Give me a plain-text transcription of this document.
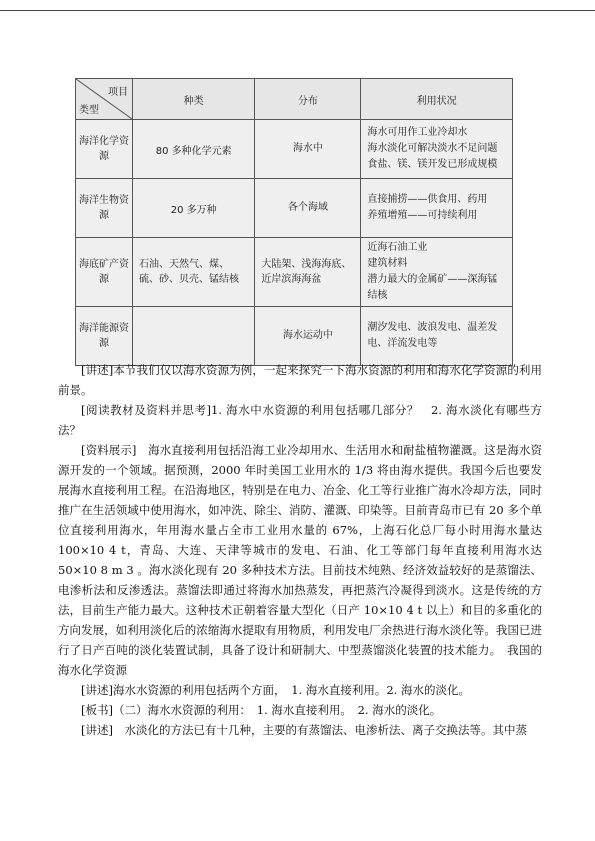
项目
类型	种类	分布	利用状况
海洋化学资源	80 多种化学元素	海水中	海水可用作工业冷却水
海水淡化可解决淡水不足问题
食盐、镁、镁开发已形成规模

海洋生物资源	20 多万种	各个海域	直接捕捞——供食用、药用
养殖增殖——可持续利用

海底矿产资源	石油、天然气、煤、硫、砂、贝壳、锰结核	大陆架、浅海海底、近岸滨海海盆	近海石油工业
建筑材料
潜力最大的金属矿——深海锰结核

海洋能源资源		海水运动中	潮汐发电、波浪发电、温差发电、洋流发电等

[讲述]本节我们仅以海水资源为例，一起来探究一下海水资源的利用和海水化学资源的利用前景。

[阅读教材及资料并思考]1. 海水中水资源的利用包括哪几部分？　2. 海水淡化有哪些方法？

[资料展示]　海水直接利用包括沿海工业冷却用水、生活用水和耐盐植物灌溉。这是海水资源开发的一个领域。据预测，2000 年时美国工业用水的 1/3 将由海水提供。我国今后也要发展海水直接利用工程。在沿海地区，特别是在电力、冶金、化工等行业推广海水冷却方法，同时推广在生活领域中使用海水，如冲洗、除尘、消防、灌溉、印染等。目前青岛市已有 20 多个单位直接利用海水，年用海水量占全市工业用水量的 67%，上海石化总厂每小时用海水量达 100×10 4 t，青岛、大连、天津等城市的发电、石油、化工等部门每年直接利用海水达 50×10 8 m 3 。海水淡化现有 20 多种技术方法。目前技术纯熟、经济效益较好的是蒸馏法、电渗析法和反渗透法。蒸馏法即通过将海水加热蒸发，再把蒸汽冷凝得到淡水。这是传统的方法，目前生产能力最大。这种技术正朝着容量大型化（日产 10×10 4 t 以上）和目的多重化的方向发展，如利用淡化后的浓缩海水提取有用物质，利用发电厂余热进行海水淡化等。我国已进行了日产百吨的淡化装置试制，具备了设计和研制大、中型蒸馏淡化装置的技术能力。　我国的海水化学资源

[讲述]海水水资源的利用包括两个方面，　1. 海水直接利用。2. 海水的淡化。

[板书]（二）海水水资源的利用：　1. 海水直接利用。　2. 海水的淡化。

[讲述]　水淡化的方法已有十几种，主要的有蒸馏法、电渗析法、离子交换法等。其中蒸
